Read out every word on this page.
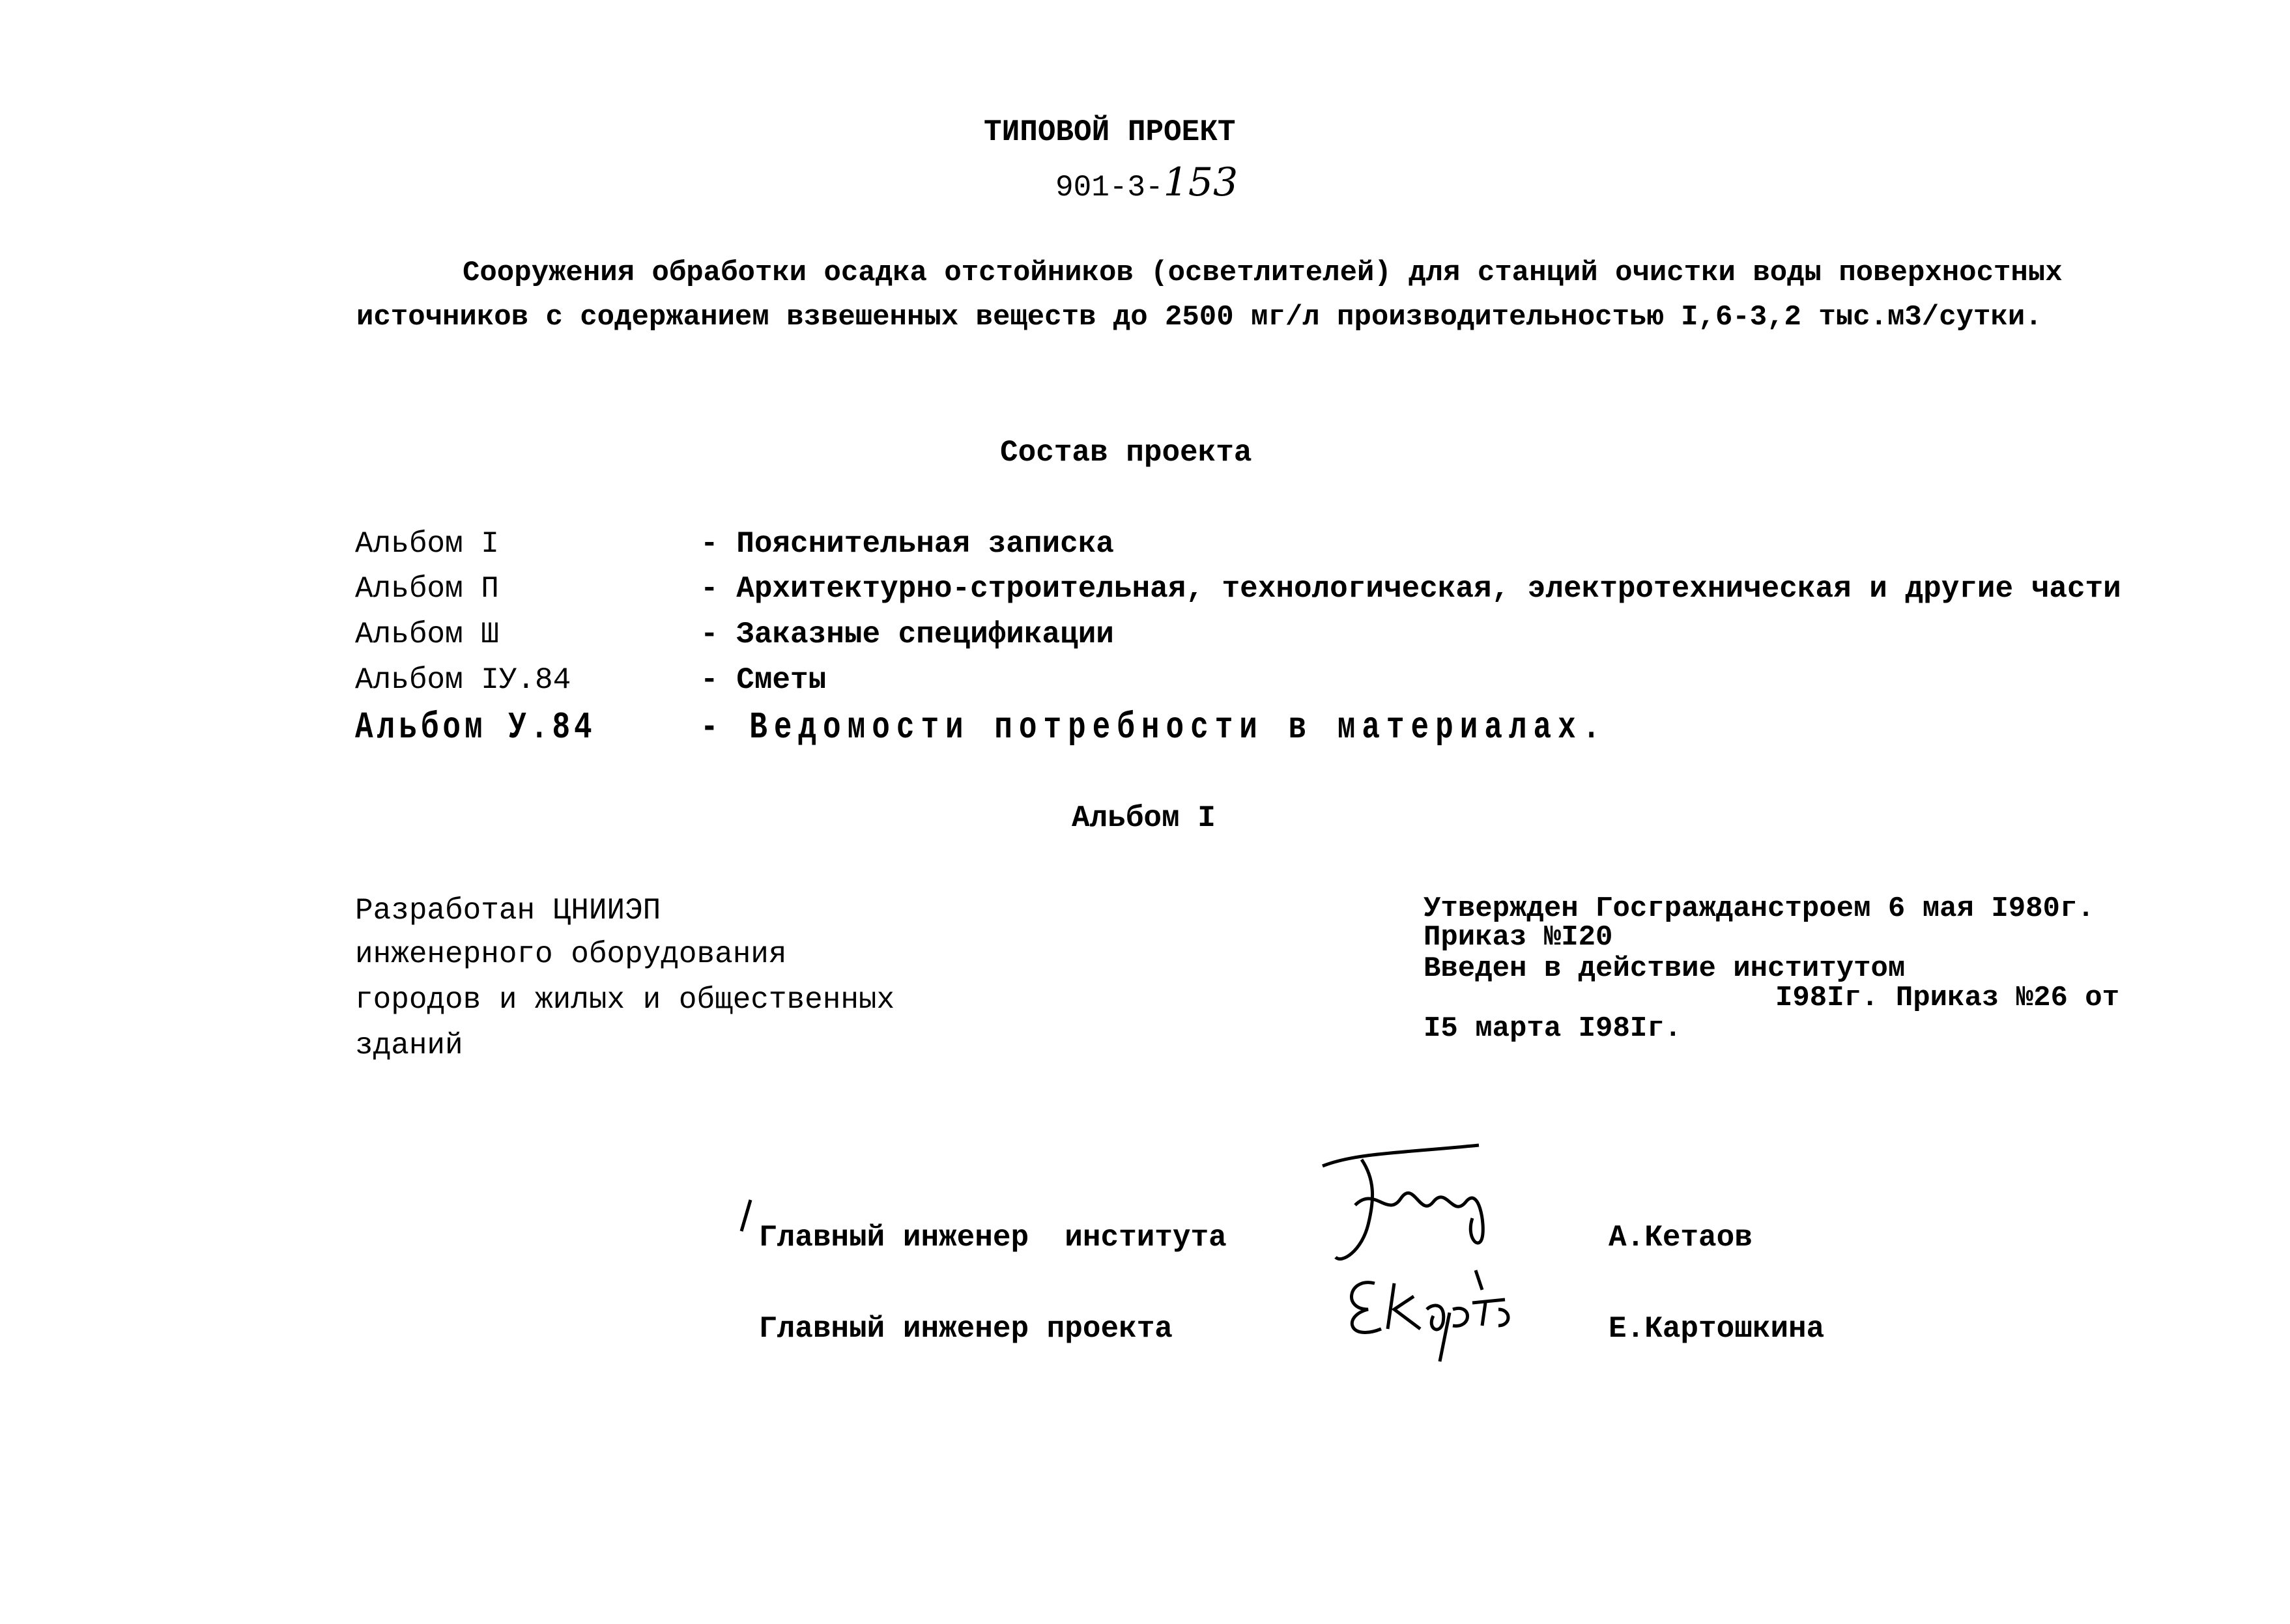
ТИПОВОЙ ПРОЕКТ
901-3-153
Сооружения обработки осадка отстойников (осветлителей) для станций очистки воды поверхностных
источников с содержанием взвешенных веществ до 2500 мг/л производительностью I,6-3,2 тыс.м3/сутки.
Состав проекта
Альбом I	- Пояснительная записка
Альбом П	- Архитектурно-строительная, технологическая, электротехническая и другие части
Альбом Ш	- Заказные спецификации
Альбом IУ.84	- Сметы
Альбом У.84	- Ведомости потребности в материалах.
Альбом I
Разработан ЦНИИЭП
инженерного оборудования
городов и жилых и общественных
зданий
Утвержден Госгражданстроем 6 мая I980г.
Приказ №I20
Введен в действие институтом
I98Iг. Приказ №26 от
I5 марта I98Iг.
Главный инженер  института	А.Кетаов
Главный инженер проекта	Е.Картошкина
